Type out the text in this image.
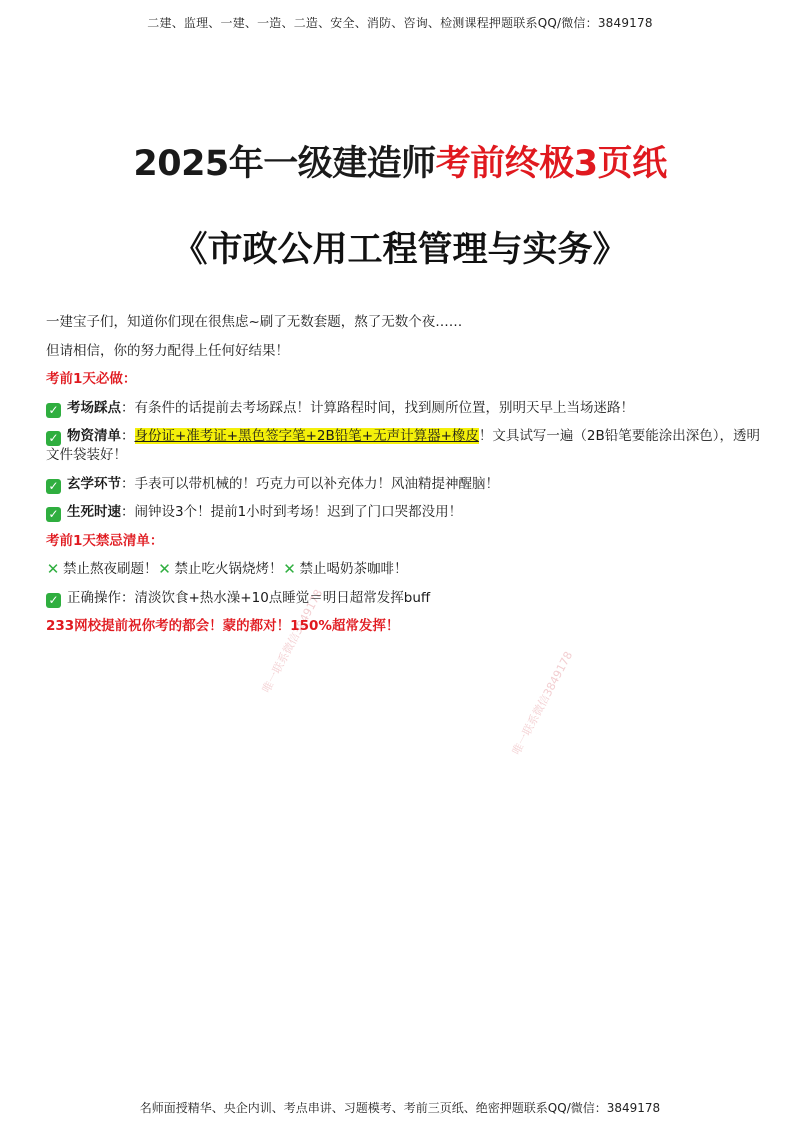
二建、监理、一建、一造、二造、安全、消防、咨询、检测课程押题联系QQ/微信：3849178
2025年一级建造师考前终极3页纸
《市政公用工程管理与实务》
唯一联系微信3849178
唯一联系微信3849178

一建宝子们，知道你们现在很焦虑~刷了无数套题，熬了无数个夜……

但请相信，你的努力配得上任何好结果！

考前1天必做：

✓ 考场踩点：有条件的话提前去考场踩点！计算路程时间，找到厕所位置，别明天早上当场迷路！

✓ 物资清单：身份证+准考证+黑色签字笔+2B铅笔+无声计算器+橡皮！文具试写一遍（2B铅笔要能涂出深色），透明文件袋装好！

✓ 玄学环节：手表可以带机械的！巧克力可以补充体力！风油精提神醒脑！

✓ 生死时速：闹钟设3个！提前1小时到考场！迟到了门口哭都没用！

考前1天禁忌清单：

✕ 禁止熬夜刷题！✕ 禁止吃火锅烧烤！✕ 禁止喝奶茶咖啡！

✓ 正确操作：清淡饮食+热水澡+10点睡觉＝明日超常发挥buff

233网校提前祝你考的都会！蒙的都对！150%超常发挥！

名师面授精华、央企内训、考点串讲、习题模考、考前三页纸、绝密押题联系QQ/微信：3849178
